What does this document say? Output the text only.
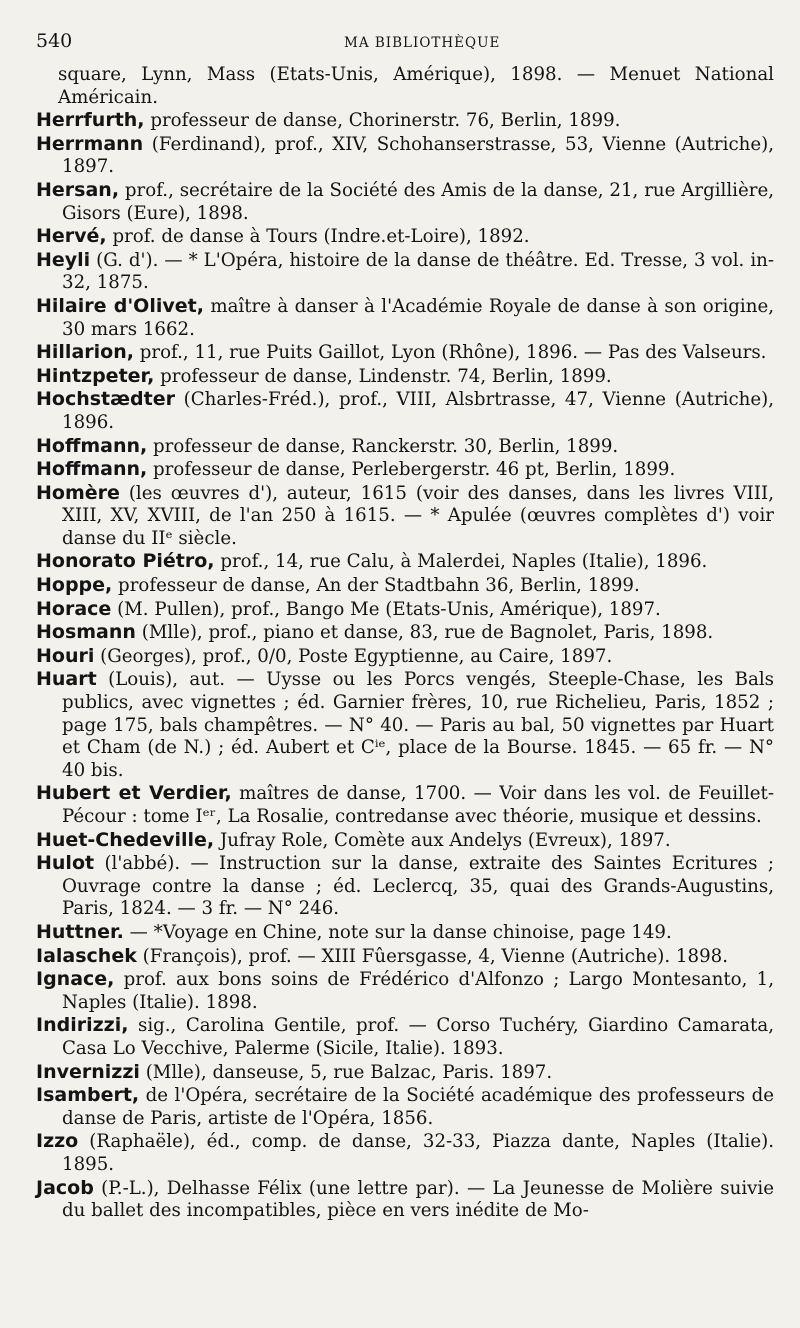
540	MA BIBLIOTHÈQUE

square, Lynn, Mass (Etats-Unis, Amérique), 1898. — Menuet National Américain.

Herrfurth, professeur de danse, Chorinerstr. 76, Berlin, 1899.

Herrmann (Ferdinand), prof., XIV, Schohanserstrasse, 53, Vienne (Autriche), 1897.

Hersan, prof., secrétaire de la Société des Amis de la danse, 21, rue Argillière, Gisors (Eure), 1898.

Hervé, prof. de danse à Tours (Indre.et-Loire), 1892.

Heyli (G. d'). — * L'Opéra, histoire de la danse de théâtre. Ed. Tresse, 3 vol. in-32, 1875.

Hilaire d'Olivet, maître à danser à l'Académie Royale de danse à son origine, 30 mars 1662.

Hillarion, prof., 11, rue Puits Gaillot, Lyon (Rhône), 1896. — Pas des Valseurs.

Hintzpeter, professeur de danse, Lindenstr. 74, Berlin, 1899.

Hochstædter (Charles-Fréd.), prof., VIII, Alsbrtrasse, 47, Vienne (Autriche), 1896.

Hoffmann, professeur de danse, Ranckerstr. 30, Berlin, 1899.

Hoffmann, professeur de danse, Perlebergerstr. 46 pt, Berlin, 1899.

Homère (les œuvres d'), auteur, 1615 (voir des danses, dans les livres VIII, XIII, XV, XVIII, de l'an 250 à 1615. — * Apulée (œuvres complètes d') voir danse du IIᵉ siècle.

Honorato Piétro, prof., 14, rue Calu, à Malerdei, Naples (Italie), 1896.

Hoppe, professeur de danse, An der Stadtbahn 36, Berlin, 1899.

Horace (M. Pullen), prof., Bango Me (Etats-Unis, Amérique), 1897.

Hosmann (Mlle), prof., piano et danse, 83, rue de Bagnolet, Paris, 1898.

Houri (Georges), prof., 0/0, Poste Egyptienne, au Caire, 1897.

Huart (Louis), aut. — Uysse ou les Porcs vengés, Steeple-Chase, les Bals publics, avec vignettes ; éd. Garnier frères, 10, rue Richelieu, Paris, 1852 ; page 175, bals champêtres. — N° 40. — Paris au bal, 50 vignettes par Huart et Cham (de N.) ; éd. Aubert et Cⁱᵉ, place de la Bourse. 1845. — 65 fr. — N° 40 bis.

Hubert et Verdier, maîtres de danse, 1700. — Voir dans les vol. de Feuillet-Pécour : tome Iᵉʳ, La Rosalie, contredanse avec théorie, musique et dessins.

Huet-Chedeville, Jufray Role, Comète aux Andelys (Evreux), 1897.

Hulot (l'abbé). — Instruction sur la danse, extraite des Saintes Ecritures ; Ouvrage contre la danse ; éd. Leclercq, 35, quai des Grands-Augustins, Paris, 1824. — 3 fr. — N° 246.

Huttner. — *Voyage en Chine, note sur la danse chinoise, page 149.

Ialaschek (François), prof. — XIII Fûersgasse, 4, Vienne (Autriche). 1898.

Ignace, prof. aux bons soins de Frédérico d'Alfonzo ; Largo Montesanto, 1, Naples (Italie). 1898.

Indirizzi, sig., Carolina Gentile, prof. — Corso Tuchéry, Giardino Camarata, Casa Lo Vecchive, Palerme (Sicile, Italie). 1893.

Invernizzi (Mlle), danseuse, 5, rue Balzac, Paris. 1897.

Isambert, de l'Opéra, secrétaire de la Société académique des professeurs de danse de Paris, artiste de l'Opéra, 1856.

Izzo (Raphaële), éd., comp. de danse, 32-33, Piazza dante, Naples (Italie). 1895.

Jacob (P.-L.), Delhasse Félix (une lettre par). — La Jeunesse de Molière suivie du ballet des incompatibles, pièce en vers inédite de Mo-
